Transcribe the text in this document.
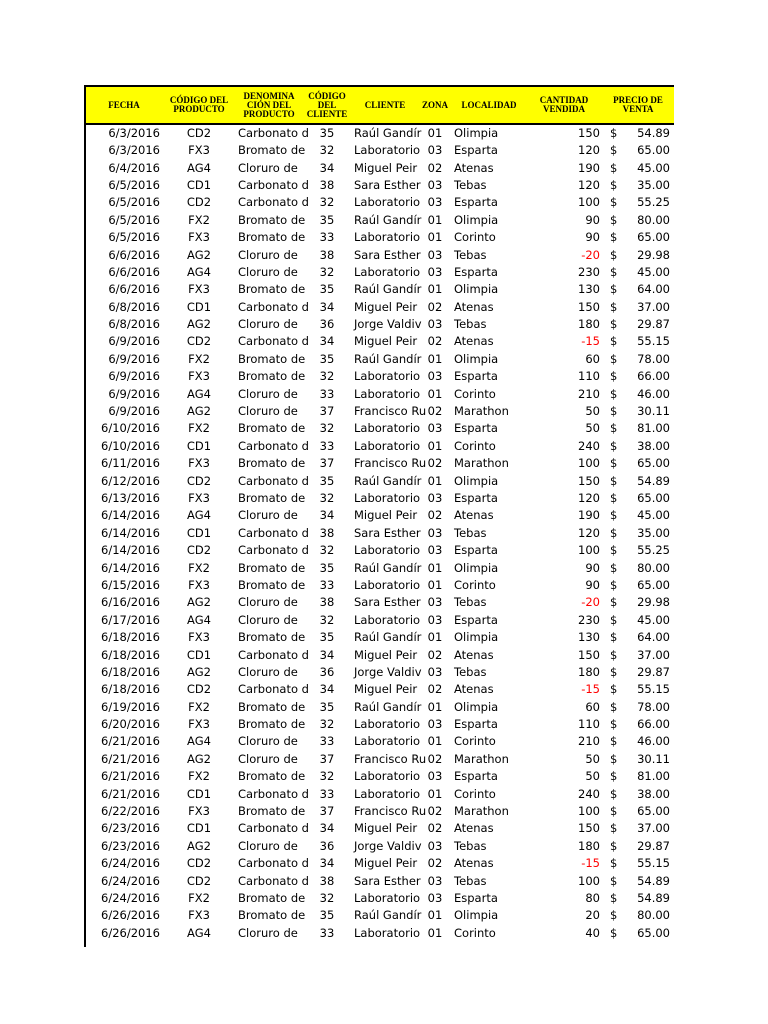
FECHA	CÓDIGO DEL PRODUCTO	DENOMINA CIÓN DEL PRODUCTO	CÓDIGO DEL CLIENTE	CLIENTE	ZONA	LOCALIDAD	CANTIDAD VENDIDA	PRECIO DE VENTA
6/3/2016	CD2	Carbonato d	35	Raúl Gandír	01	Olimpia	150	$ 54.89

6/3/2016	FX3	Bromato de	32	Laboratorio	03	Esparta	120	$ 65.00

6/4/2016	AG4	Cloruro de	34	Miguel Peir	02	Atenas	190	$ 45.00

6/5/2016	CD1	Carbonato d	38	Sara Esther	03	Tebas	120	$ 35.00

6/5/2016	CD2	Carbonato d	32	Laboratorio	03	Esparta	100	$ 55.25

6/5/2016	FX2	Bromato de	35	Raúl Gandír	01	Olimpia	90	$ 80.00

6/5/2016	FX3	Bromato de	33	Laboratorio	01	Corinto	90	$ 65.00

6/6/2016	AG2	Cloruro de	38	Sara Esther	03	Tebas	-20	$ 29.98

6/6/2016	AG4	Cloruro de	32	Laboratorio	03	Esparta	230	$ 45.00

6/6/2016	FX3	Bromato de	35	Raúl Gandír	01	Olimpia	130	$ 64.00

6/8/2016	CD1	Carbonato d	34	Miguel Peir	02	Atenas	150	$ 37.00

6/8/2016	AG2	Cloruro de	36	Jorge Valdiv	03	Tebas	180	$ 29.87

6/9/2016	CD2	Carbonato d	34	Miguel Peir	02	Atenas	-15	$ 55.15

6/9/2016	FX2	Bromato de	35	Raúl Gandír	01	Olimpia	60	$ 78.00

6/9/2016	FX3	Bromato de	32	Laboratorio	03	Esparta	110	$ 66.00

6/9/2016	AG4	Cloruro de	33	Laboratorio	01	Corinto	210	$ 46.00

6/9/2016	AG2	Cloruro de	37	Francisco Ru	02	Marathon	50	$ 30.11

6/10/2016	FX2	Bromato de	32	Laboratorio	03	Esparta	50	$ 81.00

6/10/2016	CD1	Carbonato d	33	Laboratorio	01	Corinto	240	$ 38.00

6/11/2016	FX3	Bromato de	37	Francisco Ru	02	Marathon	100	$ 65.00

6/12/2016	CD2	Carbonato d	35	Raúl Gandír	01	Olimpia	150	$ 54.89

6/13/2016	FX3	Bromato de	32	Laboratorio	03	Esparta	120	$ 65.00

6/14/2016	AG4	Cloruro de	34	Miguel Peir	02	Atenas	190	$ 45.00

6/14/2016	CD1	Carbonato d	38	Sara Esther	03	Tebas	120	$ 35.00

6/14/2016	CD2	Carbonato d	32	Laboratorio	03	Esparta	100	$ 55.25

6/14/2016	FX2	Bromato de	35	Raúl Gandír	01	Olimpia	90	$ 80.00

6/15/2016	FX3	Bromato de	33	Laboratorio	01	Corinto	90	$ 65.00

6/16/2016	AG2	Cloruro de	38	Sara Esther	03	Tebas	-20	$ 29.98

6/17/2016	AG4	Cloruro de	32	Laboratorio	03	Esparta	230	$ 45.00

6/18/2016	FX3	Bromato de	35	Raúl Gandír	01	Olimpia	130	$ 64.00

6/18/2016	CD1	Carbonato d	34	Miguel Peir	02	Atenas	150	$ 37.00

6/18/2016	AG2	Cloruro de	36	Jorge Valdiv	03	Tebas	180	$ 29.87

6/18/2016	CD2	Carbonato d	34	Miguel Peir	02	Atenas	-15	$ 55.15

6/19/2016	FX2	Bromato de	35	Raúl Gandír	01	Olimpia	60	$ 78.00

6/20/2016	FX3	Bromato de	32	Laboratorio	03	Esparta	110	$ 66.00

6/21/2016	AG4	Cloruro de	33	Laboratorio	01	Corinto	210	$ 46.00

6/21/2016	AG2	Cloruro de	37	Francisco Ru	02	Marathon	50	$ 30.11

6/21/2016	FX2	Bromato de	32	Laboratorio	03	Esparta	50	$ 81.00

6/21/2016	CD1	Carbonato d	33	Laboratorio	01	Corinto	240	$ 38.00

6/22/2016	FX3	Bromato de	37	Francisco Ru	02	Marathon	100	$ 65.00

6/23/2016	CD1	Carbonato d	34	Miguel Peir	02	Atenas	150	$ 37.00

6/23/2016	AG2	Cloruro de	36	Jorge Valdiv	03	Tebas	180	$ 29.87

6/24/2016	CD2	Carbonato d	34	Miguel Peir	02	Atenas	-15	$ 55.15

6/24/2016	CD2	Carbonato d	38	Sara Esther	03	Tebas	100	$ 54.89

6/24/2016	FX2	Bromato de	32	Laboratorio	03	Esparta	80	$ 54.89

6/26/2016	FX3	Bromato de	35	Raúl Gandír	01	Olimpia	20	$ 80.00

6/26/2016	AG4	Cloruro de	33	Laboratorio	01	Corinto	40	$ 65.00
